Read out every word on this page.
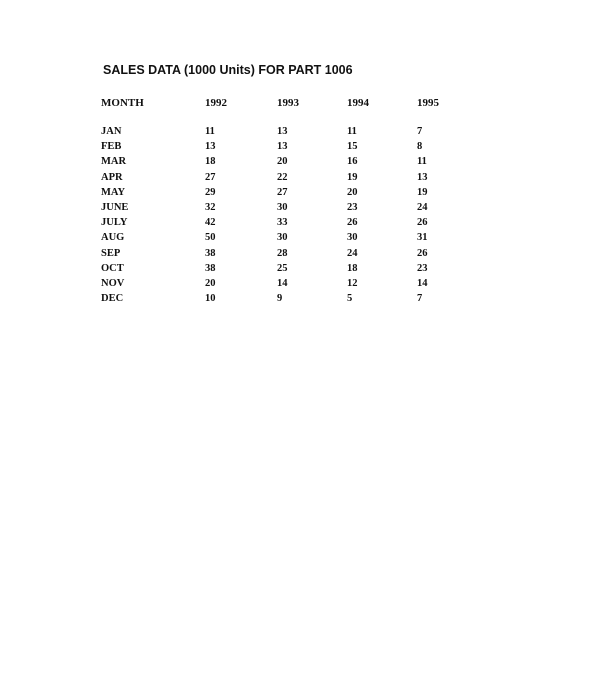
SALES DATA (1000 Units) FOR PART 1006
MONTH	1992	1993	1994	1995

JAN	11	13	11	7
FEB	13	13	15	8
MAR	18	20	16	11
APR	27	22	19	13
MAY	29	27	20	19
JUNE	32	30	23	24
JULY	42	33	26	26
AUG	50	30	30	31
SEP	38	28	24	26
OCT	38	25	18	23
NOV	20	14	12	14
DEC	10	9	5	7
